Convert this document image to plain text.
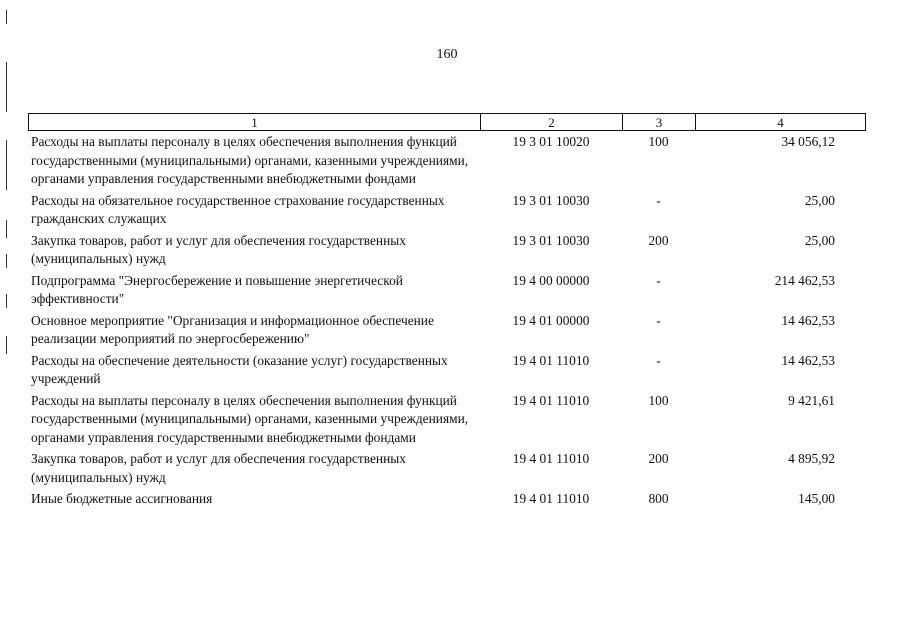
160
1	2	3	4
Расходы на выплаты персоналу в целях обеспечения выполнения функций государственными (муниципальными) органами, казенными учреждениями, органами управления государственными внебюджетными фондами	19 3 01 10020	100	34 056,12
Расходы на обязательное государственное страхование государственных гражданских служащих	19 3 01 10030	-	25,00
Закупка товаров, работ и услуг для обеспечения государственных (муниципальных) нужд	19 3 01 10030	200	25,00
Подпрограмма "Энергосбережение и повышение энергетической эффективности"	19 4 00 00000	-	214 462,53
Основное мероприятие "Организация и информационное обеспечение реализации мероприятий по энергосбережению"	19 4 01 00000	-	14 462,53
Расходы на обеспечение деятельности (оказание услуг) государственных учреждений	19 4 01 11010	-	14 462,53
Расходы на выплаты персоналу в целях обеспечения выполнения функций государственными (муниципальными) органами, казенными учреждениями, органами управления государственными внебюджетными фондами	19 4 01 11010	100	9 421,61
Закупка товаров, работ и услуг для обеспечения государственных (муниципальных) нужд	19 4 01 11010	200	4 895,92
Иные бюджетные ассигнования	19 4 01 11010	800	145,00
